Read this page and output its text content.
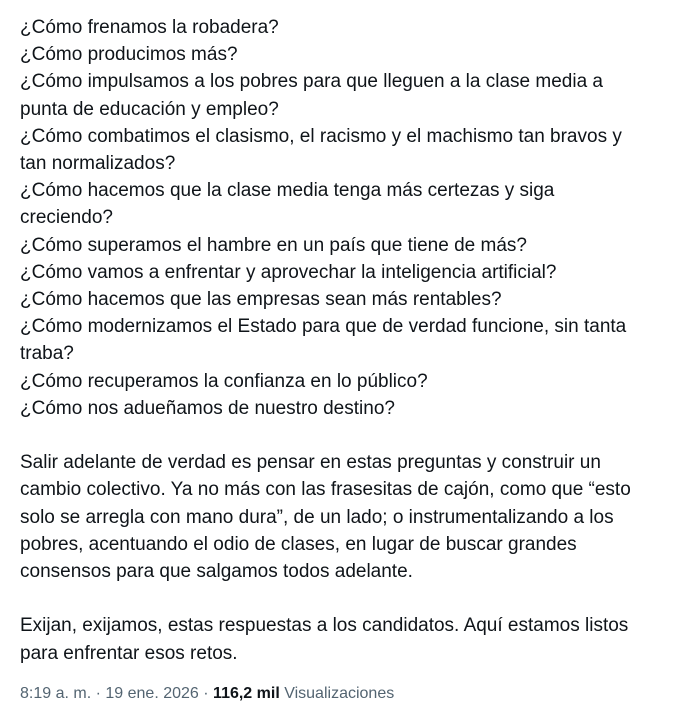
¿Cómo frenamos la robadera?
¿Cómo producimos más?
¿Cómo impulsamos a los pobres para que lleguen a la clase media a
punta de educación y empleo?
¿Cómo combatimos el clasismo, el racismo y el machismo tan bravos y
tan normalizados?
¿Cómo hacemos que la clase media tenga más certezas y siga
creciendo?
¿Cómo superamos el hambre en un país que tiene de más?
¿Cómo vamos a enfrentar y aprovechar la inteligencia artificial?
¿Cómo hacemos que las empresas sean más rentables?
¿Cómo modernizamos el Estado para que de verdad funcione, sin tanta
traba?
¿Cómo recuperamos la confianza en lo público?
¿Cómo nos adueñamos de nuestro destino?
Salir adelante de verdad es pensar en estas preguntas y construir un
cambio colectivo. Ya no más con las frasesitas de cajón, como que “esto
solo se arregla con mano dura”, de un lado; o instrumentalizando a los
pobres, acentuando el odio de clases, en lugar de buscar grandes
consensos para que salgamos todos adelante.
Exijan, exijamos, estas respuestas a los candidatos. Aquí estamos listos
para enfrentar esos retos.
8:19 a. m. · 19 ene. 2026 · 116,2 mil Visualizaciones
